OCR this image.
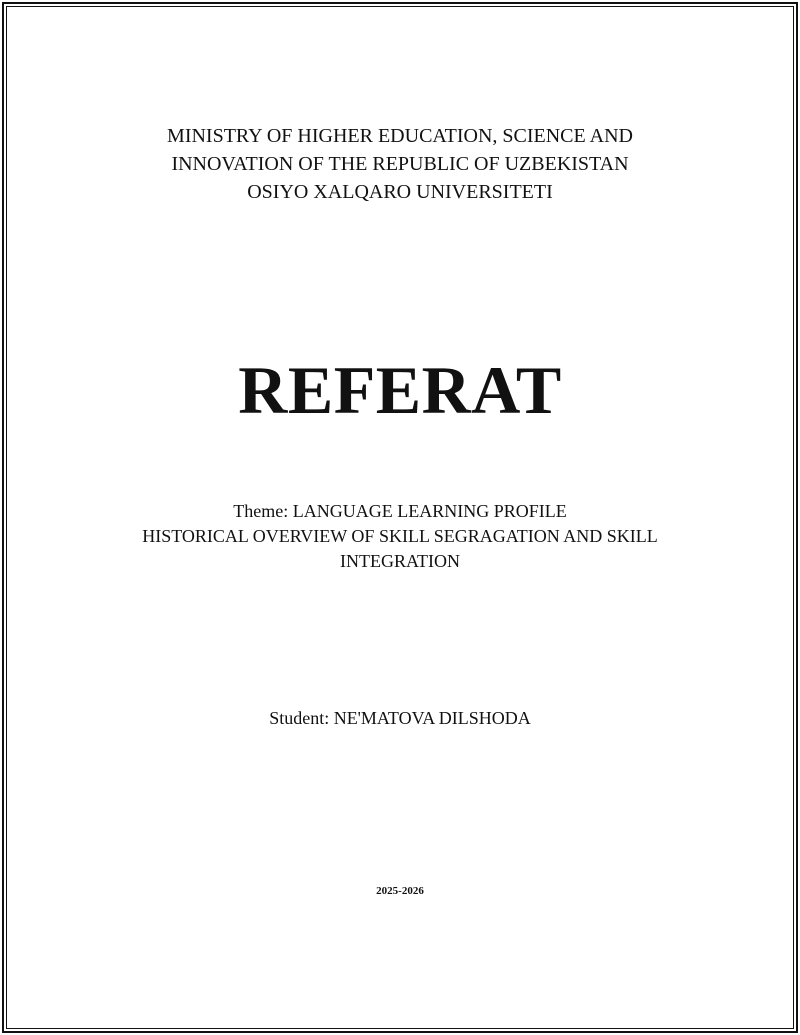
MINISTRY OF HIGHER EDUCATION, SCIENCE AND
INNOVATION OF THE REPUBLIC OF UZBEKISTAN
OSIYO XALQARO UNIVERSITETI
REFERAT
Theme: LANGUAGE LEARNING PROFILE
HISTORICAL OVERVIEW OF SKILL SEGRAGATION AND SKILL
INTEGRATION
Student: NE'MATOVA DILSHODA
2025-2026
